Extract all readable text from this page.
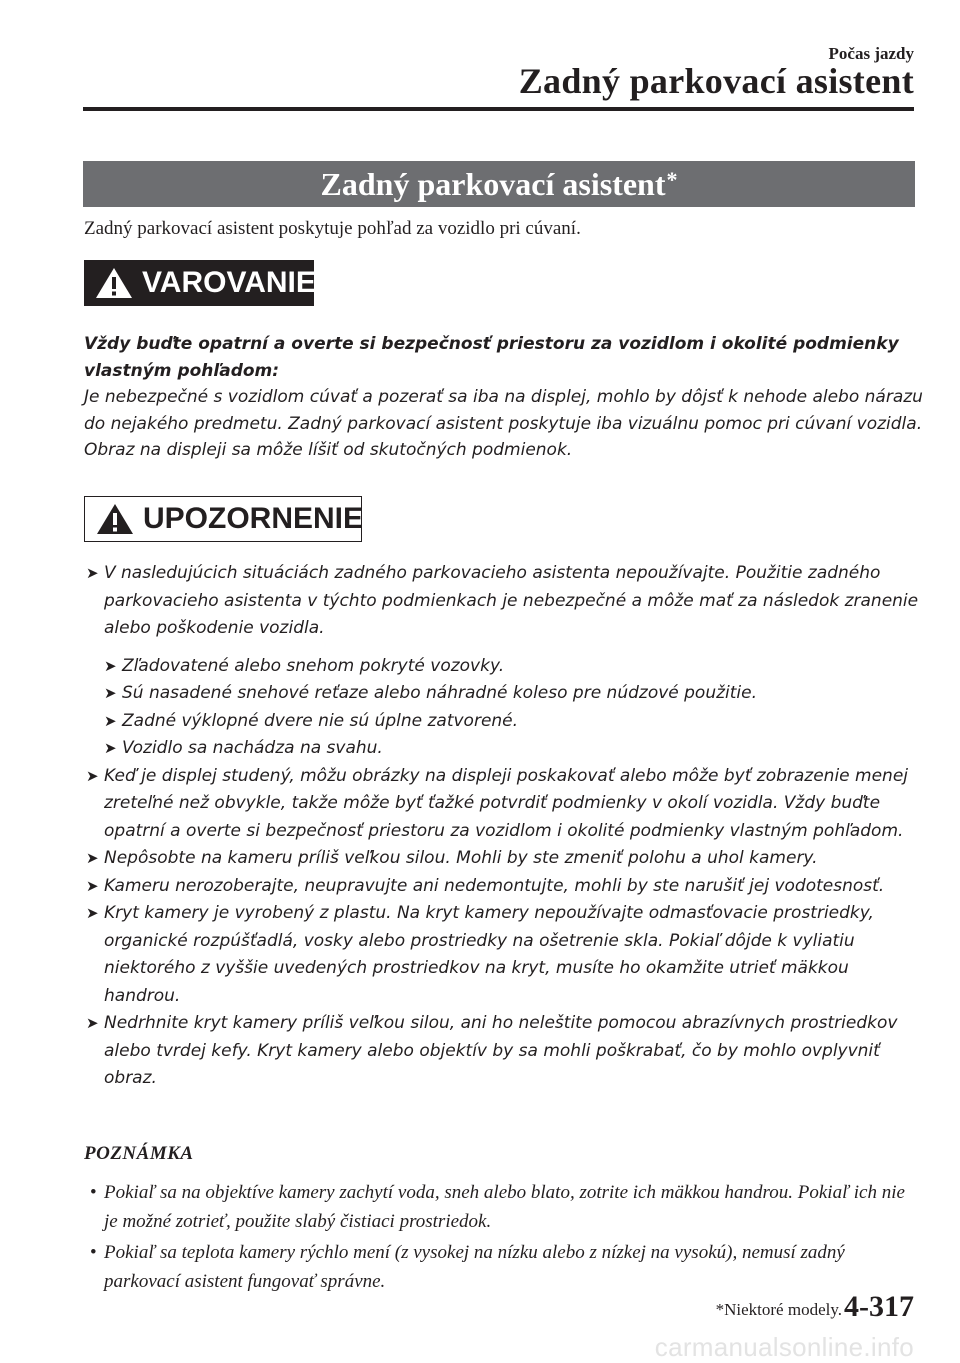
Počas jazdy
Zadný parkovací asistent
Zadný parkovací asistent*
Zadný parkovací asistent poskytuje pohľad za vozidlo pri cúvaní.
VAROVANIE
Vždy buďte opatrní a overte si bezpečnosť priestoru za vozidlom i okolité podmienky
vlastným pohľadom:
Je nebezpečné s vozidlom cúvať a pozerať sa iba na displej, mohlo by dôjsť k nehode alebo nárazu do nejakého predmetu. Zadný parkovací asistent poskytuje iba vizuálnu pomoc pri cúvaní vozidla. Obraz na displeji sa môže líšiť od skutočných podmienok.
UPOZORNENIE

➤ V nasledujúcich situáciách zadného parkovacieho asistenta nepoužívajte. Použitie zadného parkovacieho asistenta v týchto podmienkach je nebezpečné a môže mať za následok zranenie alebo poškodenie vozidla.

➤ Zľadovatené alebo snehom pokryté vozovky.

➤ Sú nasadené snehové reťaze alebo náhradné koleso pre núdzové použitie.

➤ Zadné výklopné dvere nie sú úplne zatvorené.

➤ Vozidlo sa nachádza na svahu.

➤ Keď je displej studený, môžu obrázky na displeji poskakovať alebo môže byť zobrazenie menej zreteľné než obvykle, takže môže byť ťažké potvrdiť podmienky v okolí vozidla. Vždy buďte opatrní a overte si bezpečnosť priestoru za vozidlom i okolité podmienky vlastným pohľadom.

➤ Nepôsobte na kameru príliš veľkou silou. Mohli by ste zmeniť polohu a uhol kamery.

➤ Kameru nerozoberajte, neupravujte ani nedemontujte, mohli by ste narušiť jej vodotesnosť.

➤ Kryt kamery je vyrobený z plastu. Na kryt kamery nepoužívajte odmasťovacie prostriedky, organické rozpúšťadlá, vosky alebo prostriedky na ošetrenie skla. Pokiaľ dôjde k vyliatiu niektorého z vyššie uvedených prostriedkov na kryt, musíte ho okamžite utrieť mäkkou handrou.

➤ Nedrhnite kryt kamery príliš veľkou silou, ani ho neleštite pomocou abrazívnych prostriedkov alebo tvrdej kefy. Kryt kamery alebo objektív by sa mohli poškrabať, čo by mohlo ovplyvniť obraz.

POZNÁMKA
• Pokiaľ sa na objektíve kamery zachytí voda, sneh alebo blato, zotrite ich mäkkou handrou. Pokiaľ ich nie je možné zotrieť, použite slabý čistiaci prostriedok.
• Pokiaľ sa teplota kamery rýchlo mení (z vysokej na nízku alebo z nízkej na vysokú), nemusí zadný parkovací asistent fungovať správne.
*Niektoré modely. 4-317
carmanualsonline.info
